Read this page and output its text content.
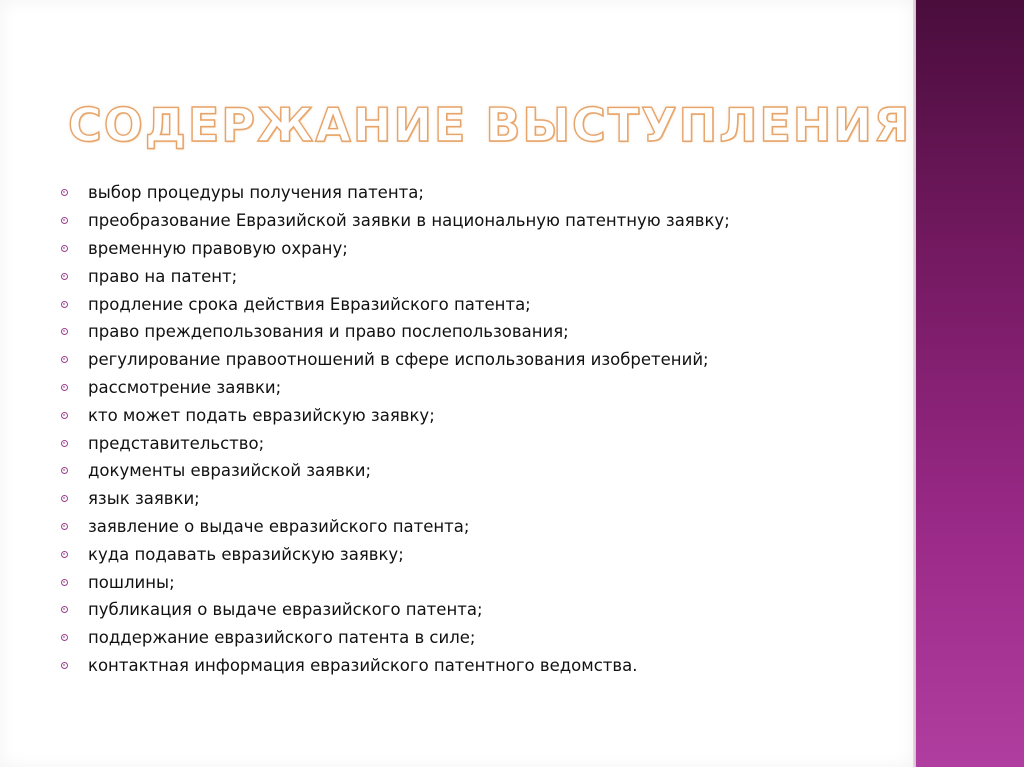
СОДЕРЖАНИЕ ВЫСТУПЛЕНИЯ
выбор процедуры получения патента;
преобразование Евразийской заявки в национальную патентную заявку;
временную правовую охрану;
право на патент;
продление срока действия Евразийского патента;
право преждепользования и право послепользования;
регулирование правоотношений в сфере использования изобретений;
рассмотрение заявки;
кто может подать евразийскую заявку;
представительство;
документы евразийской заявки;
язык заявки;
заявление о выдаче евразийского патента;
куда подавать евразийскую заявку;
пошлины;
публикация о выдаче евразийского патента;
поддержание евразийского патента в силе;
контактная информация евразийского патентного ведомства.
